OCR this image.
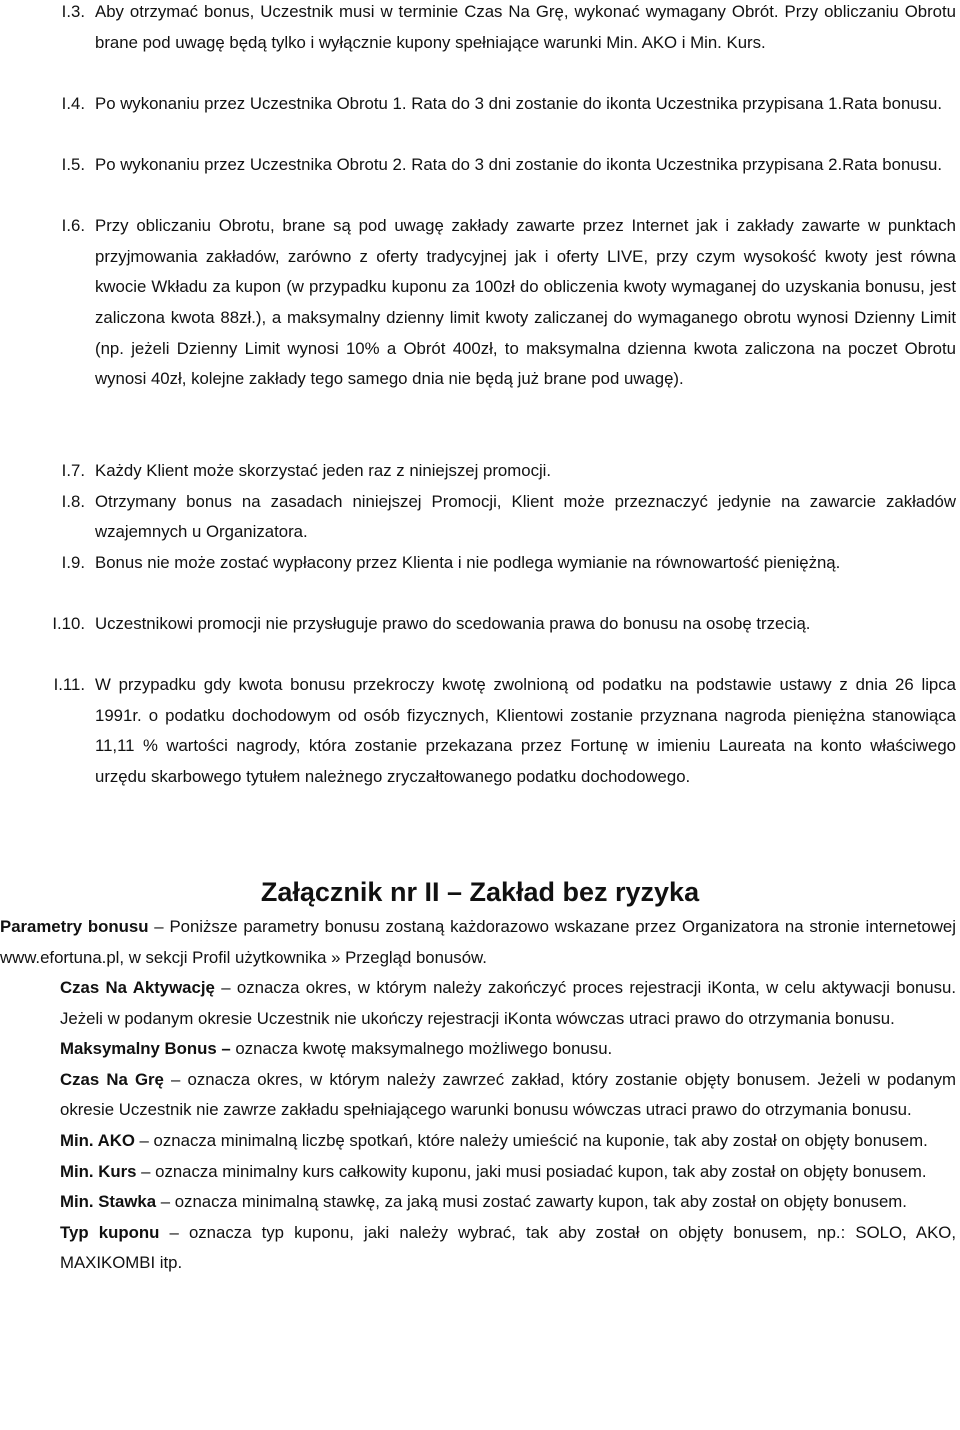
I.3. Aby otrzymać bonus, Uczestnik musi w terminie Czas Na Grę, wykonać wymagany Obrót. Przy obliczaniu Obrotu brane pod uwagę będą tylko i wyłącznie kupony spełniające warunki Min. AKO i Min. Kurs.
I.4. Po wykonaniu przez Uczestnika Obrotu 1. Rata do 3 dni zostanie do ikonta Uczestnika przypisana 1.Rata bonusu.
I.5. Po wykonaniu przez Uczestnika Obrotu 2. Rata do 3 dni zostanie do ikonta Uczestnika przypisana 2.Rata bonusu.
I.6. Przy obliczaniu Obrotu, brane są pod uwagę zakłady zawarte przez Internet jak i zakłady zawarte w punktach przyjmowania zakładów, zarówno z oferty tradycyjnej jak i oferty LIVE, przy czym wysokość kwoty jest równa kwocie Wkładu za kupon (w przypadku kuponu za 100zł do obliczenia kwoty wymaganej do uzyskania bonusu, jest zaliczona kwota 88zł.), a maksymalny dzienny limit kwoty zaliczanej do wymaganego obrotu wynosi Dzienny Limit (np. jeżeli Dzienny Limit wynosi 10% a Obrót 400zł, to maksymalna dzienna kwota zaliczona na poczet Obrotu wynosi 40zł, kolejne zakłady tego samego dnia nie będą już brane pod uwagę).
I.7. Każdy Klient może skorzystać jeden raz z niniejszej promocji.
I.8. Otrzymany bonus na zasadach niniejszej Promocji, Klient może przeznaczyć jedynie na zawarcie zakładów wzajemnych u Organizatora.
I.9. Bonus nie może zostać wypłacony przez Klienta i nie podlega wymianie na równowartość pieniężną.
I.10. Uczestnikowi promocji nie przysługuje prawo do scedowania prawa do bonusu na osobę trzecią.
I.11. W przypadku gdy kwota bonusu przekroczy kwotę zwolnioną od podatku na podstawie ustawy z dnia 26 lipca 1991r. o podatku dochodowym od osób fizycznych, Klientowi zostanie przyznana nagroda pieniężna stanowiąca 11,11 % wartości nagrody, która zostanie przekazana przez Fortunę w imieniu Laureata na konto właściwego urzędu skarbowego tytułem należnego zryczałtowanego podatku dochodowego.
Załącznik nr II – Zakład bez ryzyka
Parametry bonusu – Poniższe parametry bonusu zostaną każdorazowo wskazane przez Organizatora na stronie internetowej www.efortuna.pl, w sekcji Profil użytkownika » Przegląd bonusów.

Czas Na Aktywację – oznacza okres, w którym należy zakończyć proces rejestracji iKonta, w celu aktywacji bonusu. Jeżeli w podanym okresie Uczestnik nie ukończy rejestracji iKonta wówczas utraci prawo do otrzymania bonusu.

Maksymalny Bonus – oznacza kwotę maksymalnego możliwego bonusu.

Czas Na Grę – oznacza okres, w którym należy zawrzeć zakład, który zostanie objęty bonusem. Jeżeli w podanym okresie Uczestnik nie zawrze zakładu spełniającego warunki bonusu wówczas utraci prawo do otrzymania bonusu.

Min. AKO – oznacza minimalną liczbę spotkań, które należy umieścić na kuponie, tak aby został on objęty bonusem.

Min. Kurs – oznacza minimalny kurs całkowity kuponu, jaki musi posiadać kupon, tak aby został on objęty bonusem.

Min. Stawka – oznacza minimalną stawkę, za jaką musi zostać zawarty kupon, tak aby został on objęty bonusem.

Typ kuponu – oznacza typ kuponu, jaki należy wybrać, tak aby został on objęty bonusem, np.: SOLO, AKO, MAXIKOMBI itp.
